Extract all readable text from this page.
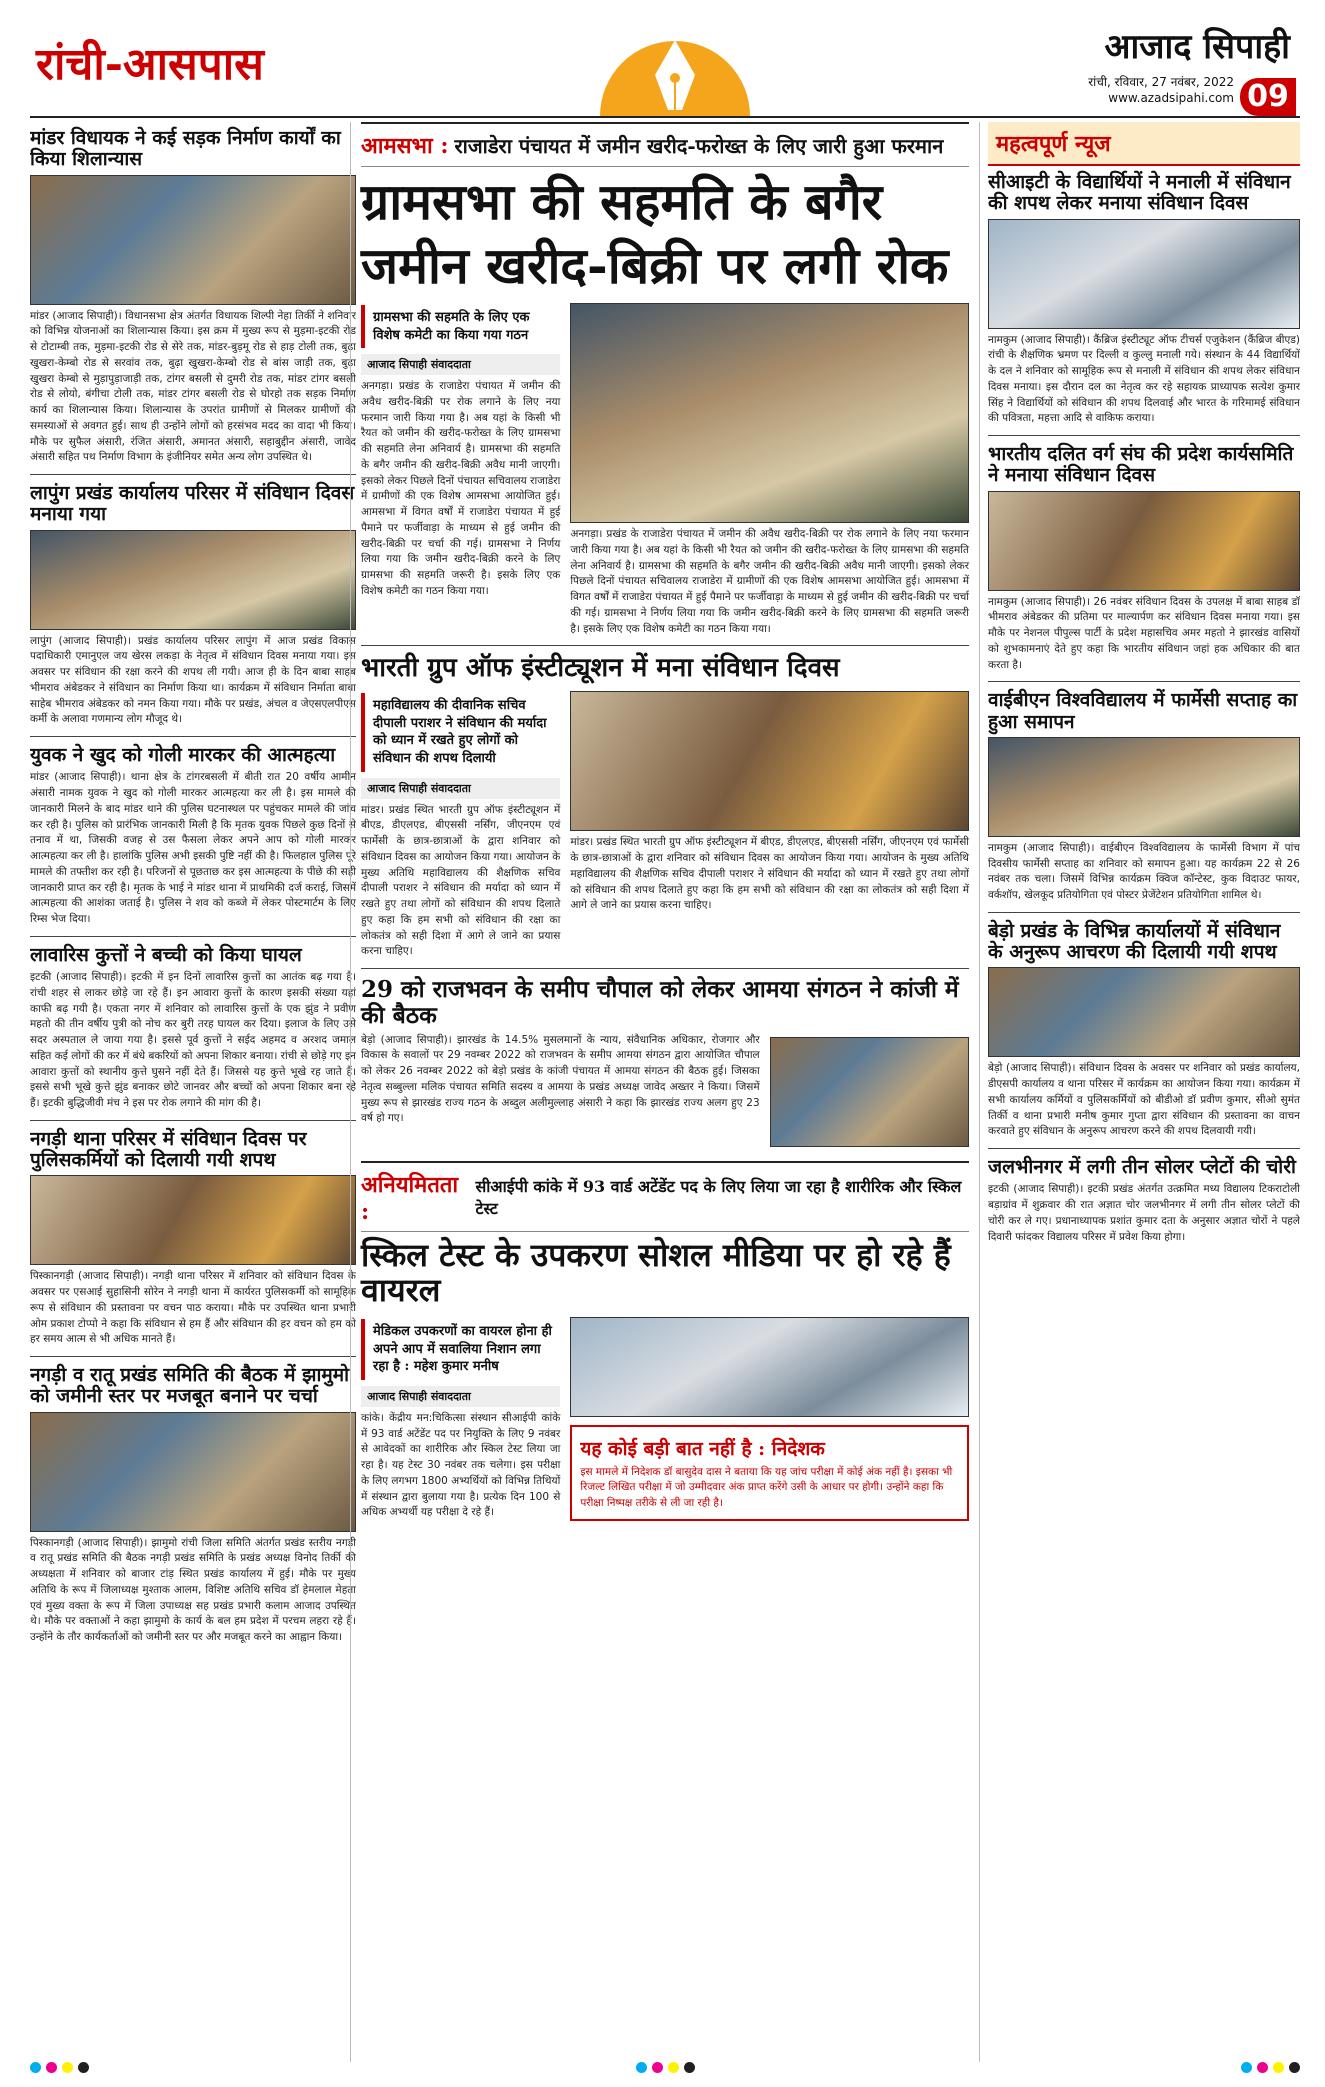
रांची-आसपास	आजाद सिपाही
रांची, रविवार, 27 नवंबर, 2022
www.azadsipahi.com 09
मांडर विधायक ने कई सड़क निर्माण कार्यों का किया शिलान्यास

मांडर (आजाद सिपाही)। विधानसभा क्षेत्र अंतर्गत विधायक शिल्पी नेहा तिर्की ने शनिवार को विभिन्न योजनाओं का शिलान्यास किया। इस क्रम में मुख्य रूप से मुड़मा-इटकी रोड से टोटाम्बी तक, मुड़मा-इटकी रोड से सेरे तक, मांडर-बुड़मू रोड से हाड़ टोली तक, बुढ़ा खुखरा-केम्बो रोड से सरवांव तक, बुढ़ा खुखरा-केम्बो रोड से बांस जाड़ी तक, बुढ़ा खुखरा केम्बो से मुड़ापुड़ाजाड़ी तक, टांगर बसली से दुमरी रोड तक, मांडर टांगर बसली रोड से लोयो, बंगीचा टोली तक, मांडर टांगर बसली रोड से घोरहो तक सड़क निर्माण कार्य का शिलान्यास किया। शिलान्यास के उपरांत ग्रामीणों से मिलकर ग्रामीणों की समस्याओं से अवगत हुई। साथ ही उन्होंने लोगों को हरसंभव मदद का वादा भी किया। मौके पर सुफैल अंसारी, रंजित अंसारी, अमानत अंसारी, सहाबुद्दीन अंसारी, जावेद अंसारी सहित पथ निर्माण विभाग के इंजीनियर समेत अन्य लोग उपस्थित थे।

लापुंग प्रखंड कार्यालय परिसर में संविधान दिवस मनाया गया

लापुंग (आजाद सिपाही)। प्रखंड कार्यालय परिसर लापुंग में आज प्रखंड विकास पदाधिकारी एमानुएल जय खेरस लकड़ा के नेतृत्व में संविधान दिवस मनाया गया। इस अवसर पर संविधान की रक्षा करने की शपथ ली गयी। आज ही के दिन बाबा साहब भीमराव अंबेडकर ने संविधान का निर्माण किया था। कार्यक्रम में संविधान निर्माता बाबा साहेब भीमराव अंबेडकर को नमन किया गया। मौके पर प्रखंड, अंचल व जेएसएलपीएस कर्मी के अलावा गणमान्य लोग मौजूद थे।

युवक ने खुद को गोली मारकर की आत्महत्या

मांडर (आजाद सिपाही)। थाना क्षेत्र के टांगरबसली में बीती रात 20 वर्षीय आमीन अंसारी नामक युवक ने खुद को गोली मारकर आत्महत्या कर ली है। इस मामले की जानकारी मिलने के बाद मांडर थाने की पुलिस घटनास्थल पर पहुंचकर मामले की जांच कर रही है। पुलिस को प्रारंभिक जानकारी मिली है कि मृतक युवक पिछले कुछ दिनों से तनाव में था, जिसकी वजह से उस फैसला लेकर अपने आप को गोली मारकर आत्महत्या कर ली है। हालांकि पुलिस अभी इसकी पुष्टि नहीं की है। फिलहाल पुलिस पूरे मामले की तफ्तीश कर रही है। परिजनों से पूछताछ कर इस आत्महत्या के पीछे की सही जानकारी प्राप्त कर रही है। मृतक के भाई ने मांडर थाना में प्राथमिकी दर्ज कराई, जिसमें आत्महत्या की आशंका जताई है। पुलिस ने शव को कब्जे में लेकर पोस्टमार्टम के लिए रिम्स भेज दिया।

लावारिस कुत्तों ने बच्ची को किया घायल

इटकी (आजाद सिपाही)। इटकी में इन दिनों लावारिस कुत्तों का आतंक बढ़ गया है। रांची शहर से लाकर छोड़े जा रहे हैं। इन आवारा कुत्तों के कारण इसकी संख्या यहां काफी बढ़ गयी है। एकता नगर में शनिवार को लावारिस कुत्तों के एक झुंड ने प्रवीण महतो की तीन वर्षीय पुत्री को नोच कर बुरी तरह घायल कर दिया। इलाज के लिए उसे सदर अस्पताल ले जाया गया है। इससे पूर्व कुत्तों ने सईद अहमद व अरशद जमाल सहित कई लोगों की कर में बंधे बकरियों को अपना शिकार बनाया। रांची से छोड़े गए इन आवारा कुत्तों को स्थानीय कुत्ते घुसने नहीं देते हैं। जिससे यह कुत्ते भूखे रह जाते हैं। इससे सभी भूखे कुत्ते झुंड बनाकर छोटे जानवर और बच्चों को अपना शिकार बना रहे हैं। इटकी बुद्धिजीवी मंच ने इस पर रोक लगाने की मांग की है।

नगड़ी थाना परिसर में संविधान दिवस पर पुलिसकर्मियों को दिलायी गयी शपथ

पिस्कानगड़ी (आजाद सिपाही)। नगड़ी थाना परिसर में शनिवार को संविधान दिवस के अवसर पर एसआई सुहासिनी सोरेन ने नगड़ी थाना में कार्यरत पुलिसकर्मी को सामूहिक रूप से संविधान की प्रस्तावना पर वचन पाठ कराया। मौके पर उपस्थित थाना प्रभारी ओम प्रकाश टोप्पो ने कहा कि संविधान से हम हैं और संविधान की हर वचन को हम को हर समय आत्म से भी अधिक मानते हैं।

नगड़ी व रातू प्रखंड समिति की बैठक में झामुमो को जमीनी स्तर पर मजबूत बनाने पर चर्चा

पिस्कानगड़ी (आजाद सिपाही)। झामुमो रांची जिला समिति अंतर्गत प्रखंड स्तरीय नगड़ी व रातू प्रखंड समिति की बैठक नगड़ी प्रखंड समिति के प्रखंड अध्यक्ष विनोद तिर्की की अध्यक्षता में शनिवार को बाजार टांड़ स्थित प्रखंड कार्यालय में हुई। मौके पर मुख्य अतिथि के रूप में जिलाध्यक्ष मुश्ताक आलम, विशिष्ट अतिथि सचिव डॉ हेमलाल मेहता एवं मुख्य वक्ता के रूप में जिला उपाध्यक्ष सह प्रखंड प्रभारी कलाम आजाद उपस्थित थे। मौके पर वक्ताओं ने कहा झामुमो के कार्य के बल हम प्रदेश में परचम लहरा रहे हैं। उन्होंने के तौर कार्यकर्ताओं को जमीनी स्तर पर और मजबूत करने का आह्वान किया।

आमसभा : राजाडेरा पंचायत में जमीन खरीद-फरोख्त के लिए जारी हुआ फरमान
ग्रामसभा की सहमति के बगैर
जमीन खरीद-बिक्री पर लगी रोक
ग्रामसभा की सहमति के लिए एक विशेष कमेटी का किया गया गठन
आजाद सिपाही संवाददाता

अनगड़ा। प्रखंड के राजाडेरा पंचायत में जमीन की अवैध खरीद-बिक्री पर रोक लगाने के लिए नया फरमान जारी किया गया है। अब यहां के किसी भी रैयत को जमीन की खरीद-फरोख्त के लिए ग्रामसभा की सहमति लेना अनिवार्य है। ग्रामसभा की सहमति के बगैर जमीन की खरीद-बिक्री अवैध मानी जाएगी। इसको लेकर पिछले दिनों पंचायत सचिवालय राजाडेरा में ग्रामीणों की एक विशेष आमसभा आयोजित हुई। आमसभा में विगत वर्षों में राजाडेरा पंचायत में हुई पैमाने पर फर्जीवाड़ा के माध्यम से हुई जमीन की खरीद-बिक्री पर चर्चा की गई। ग्रामसभा ने निर्णय लिया गया कि जमीन खरीद-बिक्री करने के लिए ग्रामसभा की सहमति जरूरी है। इसके लिए एक विशेष कमेटी का गठन किया गया।

अनगड़ा। प्रखंड के राजाडेरा पंचायत में जमीन की अवैध खरीद-बिक्री पर रोक लगाने के लिए नया फरमान जारी किया गया है। अब यहां के किसी भी रैयत को जमीन की खरीद-फरोख्त के लिए ग्रामसभा की सहमति लेना अनिवार्य है। ग्रामसभा की सहमति के बगैर जमीन की खरीद-बिक्री अवैध मानी जाएगी। इसको लेकर पिछले दिनों पंचायत सचिवालय राजाडेरा में ग्रामीणों की एक विशेष आमसभा आयोजित हुई। आमसभा में विगत वर्षों में राजाडेरा पंचायत में हुई पैमाने पर फर्जीवाड़ा के माध्यम से हुई जमीन की खरीद-बिक्री पर चर्चा की गई। ग्रामसभा ने निर्णय लिया गया कि जमीन खरीद-बिक्री करने के लिए ग्रामसभा की सहमति जरूरी है। इसके लिए एक विशेष कमेटी का गठन किया गया।

भारती ग्रुप ऑफ इंस्टीट्यूशन में मना संविधान दिवस
महाविद्यालय की दीवानिक सचिव दीपाली पराशर ने संविधान की मर्यादा को ध्यान में रखते हुए लोगों को संविधान की शपथ दिलायी
आजाद सिपाही संवाददाता

मांडर। प्रखंड स्थित भारती ग्रुप ऑफ इंस्टीट्यूशन में बीएड, डीएलएड, बीएससी नर्सिंग, जीएनएम एवं फार्मेसी के छात्र-छात्राओं के द्वारा शनिवार को संविधान दिवस का आयोजन किया गया। आयोजन के मुख्य अतिथि महाविद्यालय की शैक्षणिक सचिव दीपाली पराशर ने संविधान की मर्यादा को ध्यान में रखते हुए तथा लोगों को संविधान की शपथ दिलाते हुए कहा कि हम सभी को संविधान की रक्षा का लोकतंत्र को सही दिशा में आगे ले जाने का प्रयास करना चाहिए।

मांडर। प्रखंड स्थित भारती ग्रुप ऑफ इंस्टीट्यूशन में बीएड, डीएलएड, बीएससी नर्सिंग, जीएनएम एवं फार्मेसी के छात्र-छात्राओं के द्वारा शनिवार को संविधान दिवस का आयोजन किया गया। आयोजन के मुख्य अतिथि महाविद्यालय की शैक्षणिक सचिव दीपाली पराशर ने संविधान की मर्यादा को ध्यान में रखते हुए तथा लोगों को संविधान की शपथ दिलाते हुए कहा कि हम सभी को संविधान की रक्षा का लोकतंत्र को सही दिशा में आगे ले जाने का प्रयास करना चाहिए।

29 को राजभवन के समीप चौपाल को लेकर आमया संगठन ने कांजी में की बैठक

बेड़ो (आजाद सिपाही)। झारखंड के 14.5% मुसलमानों के न्याय, संवैधानिक अधिकार, रोजगार और विकास के सवालों पर 29 नवम्बर 2022 को राजभवन के समीप आमया संगठन द्वारा आयोजित चौपाल को लेकर 26 नवम्बर 2022 को बेड़ो प्रखंड के कांजी पंचायत में आमया संगठन की बैठक हुई। जिसका नेतृत्व सब्बुल्ला मलिक पंचायत समिति सदस्य व आमया के प्रखंड अध्यक्ष जावेद अख्तर ने किया। जिसमें मुख्य रूप से झारखंड राज्य गठन के अब्दुल अलीमुल्लाह अंसारी ने कहा कि झारखंड राज्य अलग हुए 23 वर्ष हो गए।

अनियमितता :
सीआईपी कांके में 93 वार्ड अटेंडेंट पद के लिए लिया जा रहा है शारीरिक और स्किल टेस्ट
स्किल टेस्ट के उपकरण सोशल मीडिया पर हो रहे हैं वायरल
मेडिकल उपकरणों का वायरल होना ही अपने आप में सवालिया निशान लगा रहा है : महेश कुमार मनीष
आजाद सिपाही संवाददाता

कांके। केंद्रीय मन:चिकित्सा संस्थान सीआईपी कांके में 93 वार्ड अटेंडेंट पद पर नियुक्ति के लिए 9 नवंबर से आवेदकों का शारीरिक और स्किल टेस्ट लिया जा रहा है। यह टेस्ट 30 नवंबर तक चलेगा। इस परीक्षा के लिए लगभग 1800 अभ्यर्थियों को विभिन्न तिथियों में संस्थान द्वारा बुलाया गया है। प्रत्येक दिन 100 से अधिक अभ्यर्थी यह परीक्षा दे रहे हैं।

यह कोई बड़ी बात नहीं है : निदेशक

इस मामले में निदेशक डॉ बासुदेव दास ने बताया कि यह जांच परीक्षा में कोई अंक नहीं है। इसका भी रिजल्ट लिखित परीक्षा में जो उम्मीदवार अंक प्राप्त करेंगे उसी के आधार पर होगी। उन्होंने कहा कि परीक्षा निष्पक्ष तरीके से ली जा रही है।

महत्वपूर्ण न्यूज
सीआइटी के विद्यार्थियों ने मनाली में संविधान की शपथ लेकर मनाया संविधान दिवस

नामकुम (आजाद सिपाही)। कैंब्रिज इंस्टीट्यूट ऑफ टीचर्स एजुकेशन (कैंब्रिज बीएड) रांची के शैक्षणिक भ्रमण पर दिल्ली व कुल्लु मनाली गये। संस्थान के 44 विद्यार्थियों के दल ने शनिवार को सामूहिक रूप से मनाली में संविधान की शपथ लेकर संविधान दिवस मनाया। इस दौरान दल का नेतृत्व कर रहे सहायक प्राध्यापक सत्येश कुमार सिंह ने विद्यार्थियों को संविधान की शपथ दिलवाई और भारत के गरिमामई संविधान की पवित्रता, महत्ता आदि से वाकिफ कराया।

भारतीय दलित वर्ग संघ की प्रदेश कार्यसमिति ने मनाया संविधान दिवस

नामकुम (आजाद सिपाही)। 26 नवंबर संविधान दिवस के उपलक्ष में बाबा साहब डॉ भीमराव अंबेडकर की प्रतिमा पर माल्यार्पण कर संविधान दिवस मनाया गया। इस मौके पर नेशनल पीपुल्स पार्टी के प्रदेश महासचिव अमर महतो ने झारखंड वासियों को शुभकामनाएं देते हुए कहा कि भारतीय संविधान जहां हक अधिकार की बात करता है।

वाईबीएन विश्वविद्यालय में फार्मेसी सप्ताह का हुआ समापन

नामकुम (आजाद सिपाही)। वाईबीएन विश्वविद्यालय के फार्मेसी विभाग में पांच दिवसीय फार्मेसी सप्ताह का शनिवार को समापन हुआ। यह कार्यक्रम 22 से 26 नवंबर तक चला। जिसमें विभिन्न कार्यक्रम क्विज कॉन्टेस्ट, कुक विदाउट फायर, वर्कशॉप, खेलकूद प्रतियोगिता एवं पोस्टर प्रेजेंटेशन प्रतियोगिता शामिल थे।

बेड़ो प्रखंड के विभिन्न कार्यालयों में संविधान के अनुरूप आचरण की दिलायी गयी शपथ

बेड़ो (आजाद सिपाही)। संविधान दिवस के अवसर पर शनिवार को प्रखंड कार्यालय, डीएसपी कार्यालय व थाना परिसर में कार्यक्रम का आयोजन किया गया। कार्यक्रम में सभी कार्यालय कर्मियों व पुलिसकर्मियों को बीडीओ डॉ प्रवीण कुमार, सीओ सुमंत तिर्की व थाना प्रभारी मनीष कुमार गुप्ता द्वारा संविधान की प्रस्तावना का वाचन करवाते हुए संविधान के अनुरूप आचरण करने की शपथ दिलवायी गयी।

जलभीनगर में लगी तीन सोलर प्लेटों की चोरी

इटकी (आजाद सिपाही)। इटकी प्रखंड अंतर्गत उत्क्रमित मध्य विद्यालय टिकराटोली बड़ाग्रांव में शुक्रवार की रात अज्ञात चोर जलभीनगर में लगी तीन सोलर प्लेटों की चोरी कर ले गए। प्रधानाध्यापक प्रशांत कुमार दता के अनुसार अज्ञात चोरों ने पहले दिवारी फांदकर विद्यालय परिसर में प्रवेश किया होगा।
